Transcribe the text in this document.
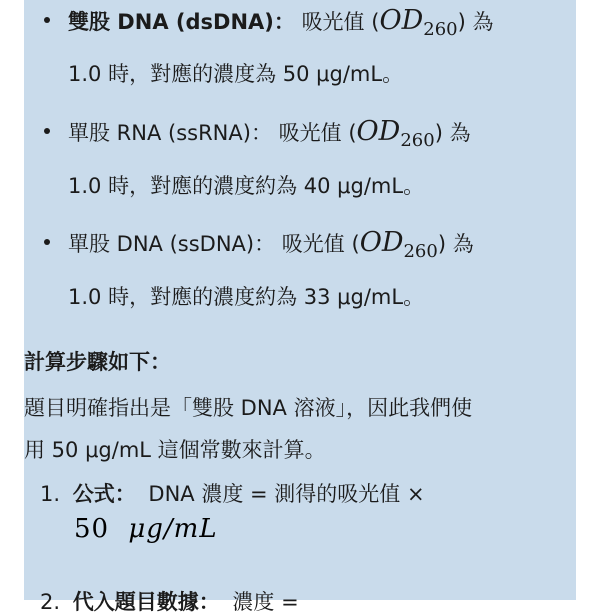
雙股 DNA (dsDNA)： 吸光值 $(OD_{260})$ 為
1.0 時，對應的濃度為 50 μg/mL。
單股 RNA (ssRNA)： 吸光值 $(OD_{260})$ 為
1.0 時，對應的濃度約為 40 μg/mL。
單股 DNA (ssDNA)： 吸光值 $(OD_{260})$ 為
1.0 時，對應的濃度約為 33 μg/mL。
計算步驟如下：
題目明確指出是「雙股 DNA 溶液」，因此我們使
用 50 μg/mL 這個常數來計算。
1. 公式： DNA 濃度 = 測得的吸光值 ×
50 μg/mL
2. 代入題目數據： 濃度 =
